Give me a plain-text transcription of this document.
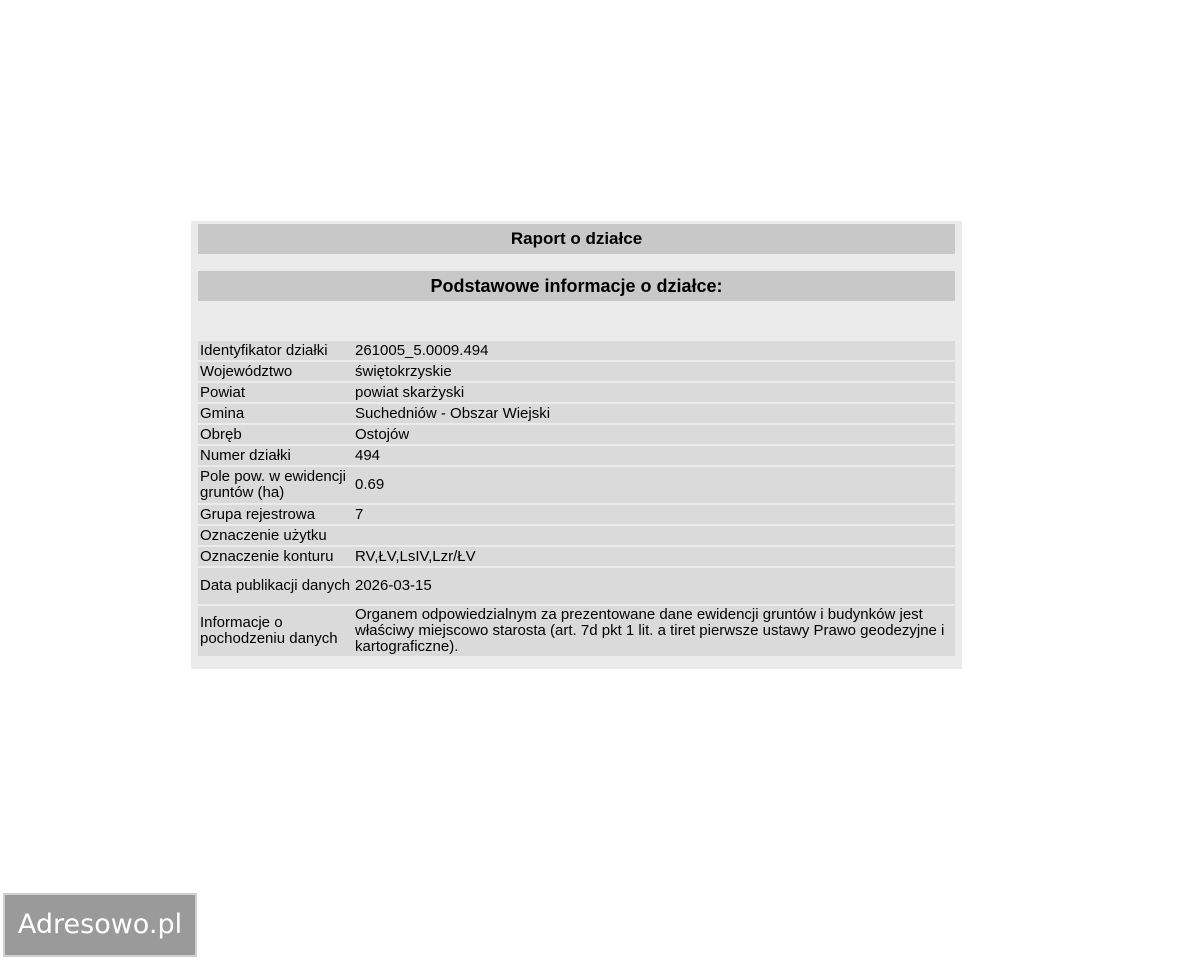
Raport o działce
Podstawowe informacje o działce:
Identyfikator działki	261005_5.0009.494
Województwo	świętokrzyskie
Powiat	powiat skarżyski
Gmina	Suchedniów - Obszar Wiejski
Obręb	Ostojów
Numer działki	494
Pole pow. w ewidencji gruntów (ha)	0.69
Grupa rejestrowa	7
Oznaczenie użytku	
Oznaczenie konturu	RV,ŁV,LsIV,Lzr/ŁV
Data publikacji danych	2026-03-15
Informacje o pochodzeniu danych	Organem odpowiedzialnym za prezentowane dane ewidencji gruntów i budynków jest właściwy miejscowo starosta (art. 7d pkt 1 lit. a tiret pierwsze ustawy Prawo geodezyjne i kartograficzne).
Adresowo.pl
